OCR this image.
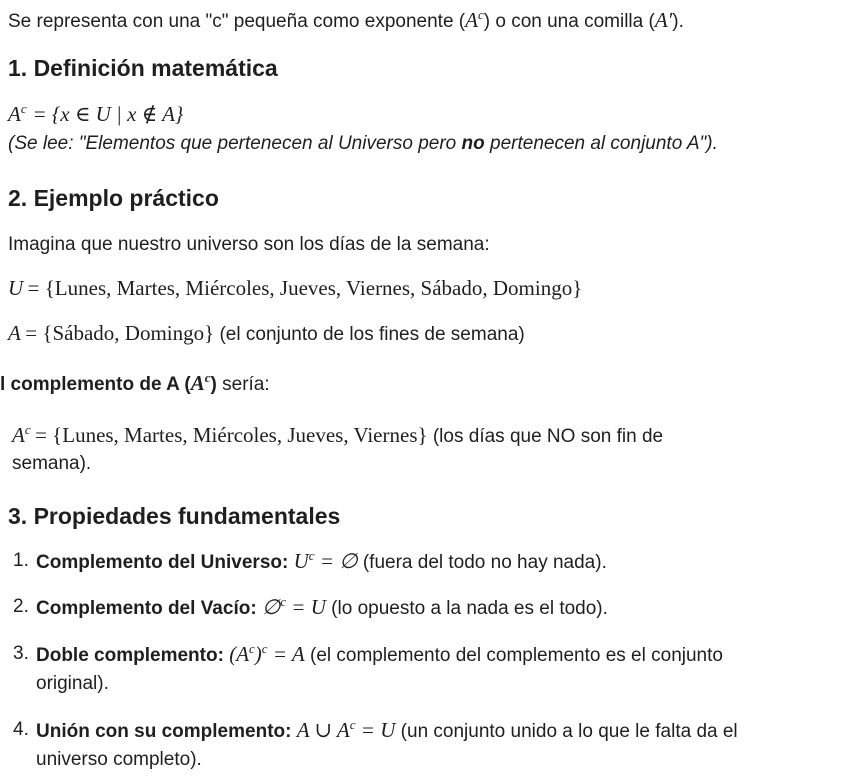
Se representa con una "c" pequeña como exponente $(A^c)$ o con una comilla (A′).
1. Definición matemática
$A^c = \{x$ ∈ U | x ∉ A}
(Se lee: "Elementos que pertenecen al Universo pero no pertenecen al conjunto A").
2. Ejemplo práctico
Imagina que nuestro universo son los días de la semana:
U = {Lunes, Martes, Miércoles, Jueves, Viernes, Sábado, Domingo}
A = {Sábado, Domingo} (el conjunto de los fines de semana)
l complemento de A $(A^c)$ sería:
$A^c$ = {Lunes, Martes, Miércoles, Jueves, Viernes} (los días que NO son fin de
semana).
3. Propiedades fundamentales
1. Complemento del Universo: $U^c$ = ∅ (fuera del todo no hay nada).
2. Complemento del Vacío: ∅$^c$ = U (lo opuesto a la nada es el todo).
3. Doble complemento: $(A^c)^c = A$ (el complemento del complemento es el conjunto
original).
4. Unión con su complemento: A ∪ $A^c = U$ (un conjunto unido a lo que le falta da el
universo completo).
